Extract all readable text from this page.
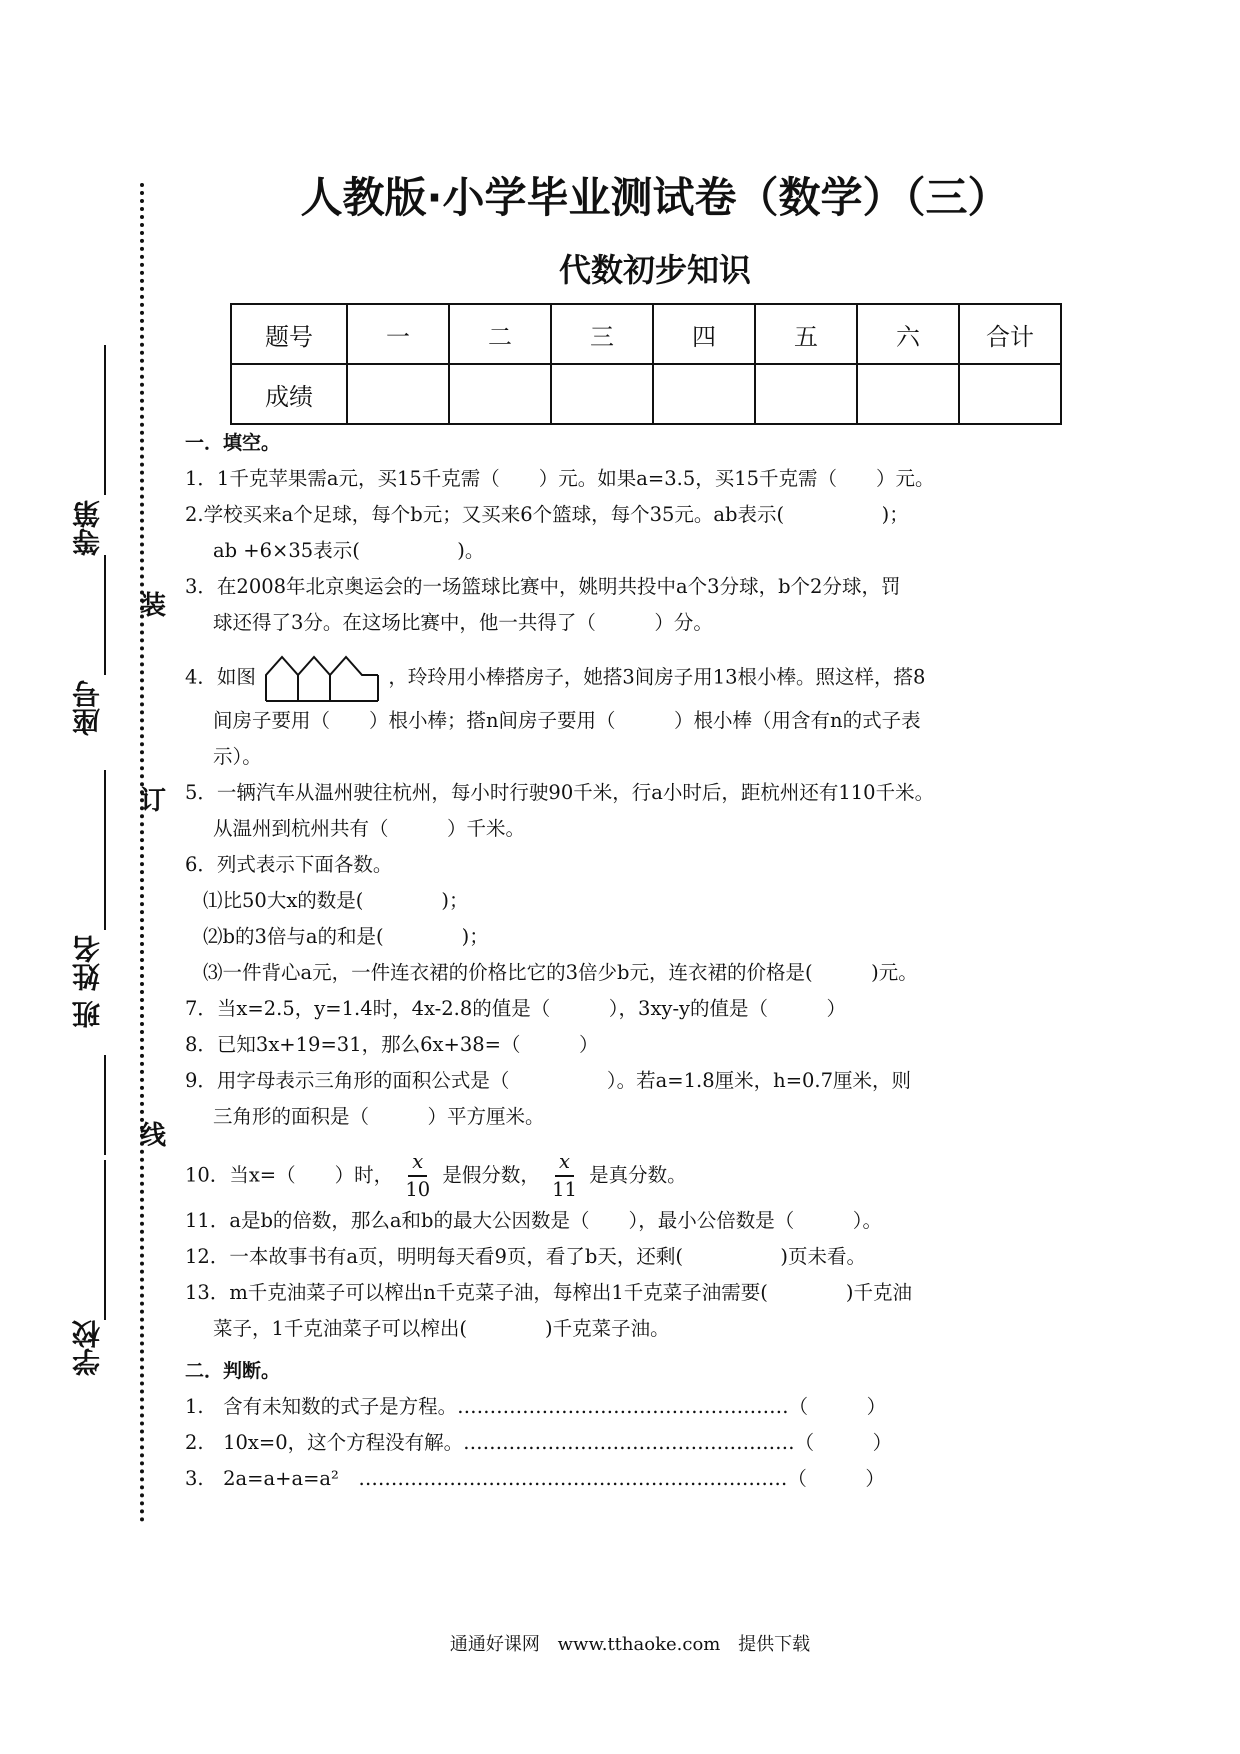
学校
班 姓名
座号
等第
装
订
线
人教版·小学毕业测试卷（数学）（三）
代数初步知识
题号	一	二	三	四	五	六	合计
成绩							

一．填空。

1．1千克苹果需a元，买15千克需（　　）元。如果a=3.5，买15千克需（　　）元。

2.学校买来a个足球，每个b元；又买来6个篮球，每个35元。ab表示(　　　　　)；

ab +6×35表示(　　　　　)。

3．在2008年北京奥运会的一场篮球比赛中，姚明共投中a个3分球，b个2分球，罚

球还得了3分。在这场比赛中，他一共得了（　　　）分。

4．如图	，玲玲用小棒搭房子，她搭3间房子用13根小棒。照这样，搭8

间房子要用（　　）根小棒；搭n间房子要用（　　　）根小棒（用含有n的式子表

示）。

5．一辆汽车从温州驶往杭州，每小时行驶90千米，行a小时后，距杭州还有110千米。

从温州到杭州共有（　　　）千米。

6．列式表示下面各数。

⑴比50大x的数是(　　　　)；

⑵b的3倍与a的和是(　　　　)；

⑶一件背心a元，一件连衣裙的价格比它的3倍少b元，连衣裙的价格是(　　　)元。

7．当x=2.5，y=1.4时，4x-2.8的值是（　　　），3xy-y的值是（　　　）

8．已知3x+19=31，那么6x+38=（　　　）

9．用字母表示三角形的面积公式是（　　　　　）。若a=1.8厘米，h=0.7厘米，则

三角形的面积是（　　　）平方厘米。

10．当x=（　　）时， $\frac{x}{10}$ 是假分数， $\frac{x}{11}$ 是真分数。

11．a是b的倍数，那么a和b的最大公因数是（　　），最小公倍数是（　　　）。

12．一本故事书有a页，明明每天看9页，看了b天，还剩(　　　　　)页未看。

13．m千克油菜子可以榨出n千克菜子油，每榨出1千克菜子油需要(　　　　)千克油

菜子，1千克油菜子可以榨出(　　　　)千克菜子油。

二．判断。

1.　含有未知数的式子是方程。……………………………………………（　　　）

2.　10x=0，这个方程没有解。……………………………………………（　　　）

3.　2a=a+a=a²　…………………………………………………………（　　　）

通通好课网 www.tthaoke.com 提供下载
